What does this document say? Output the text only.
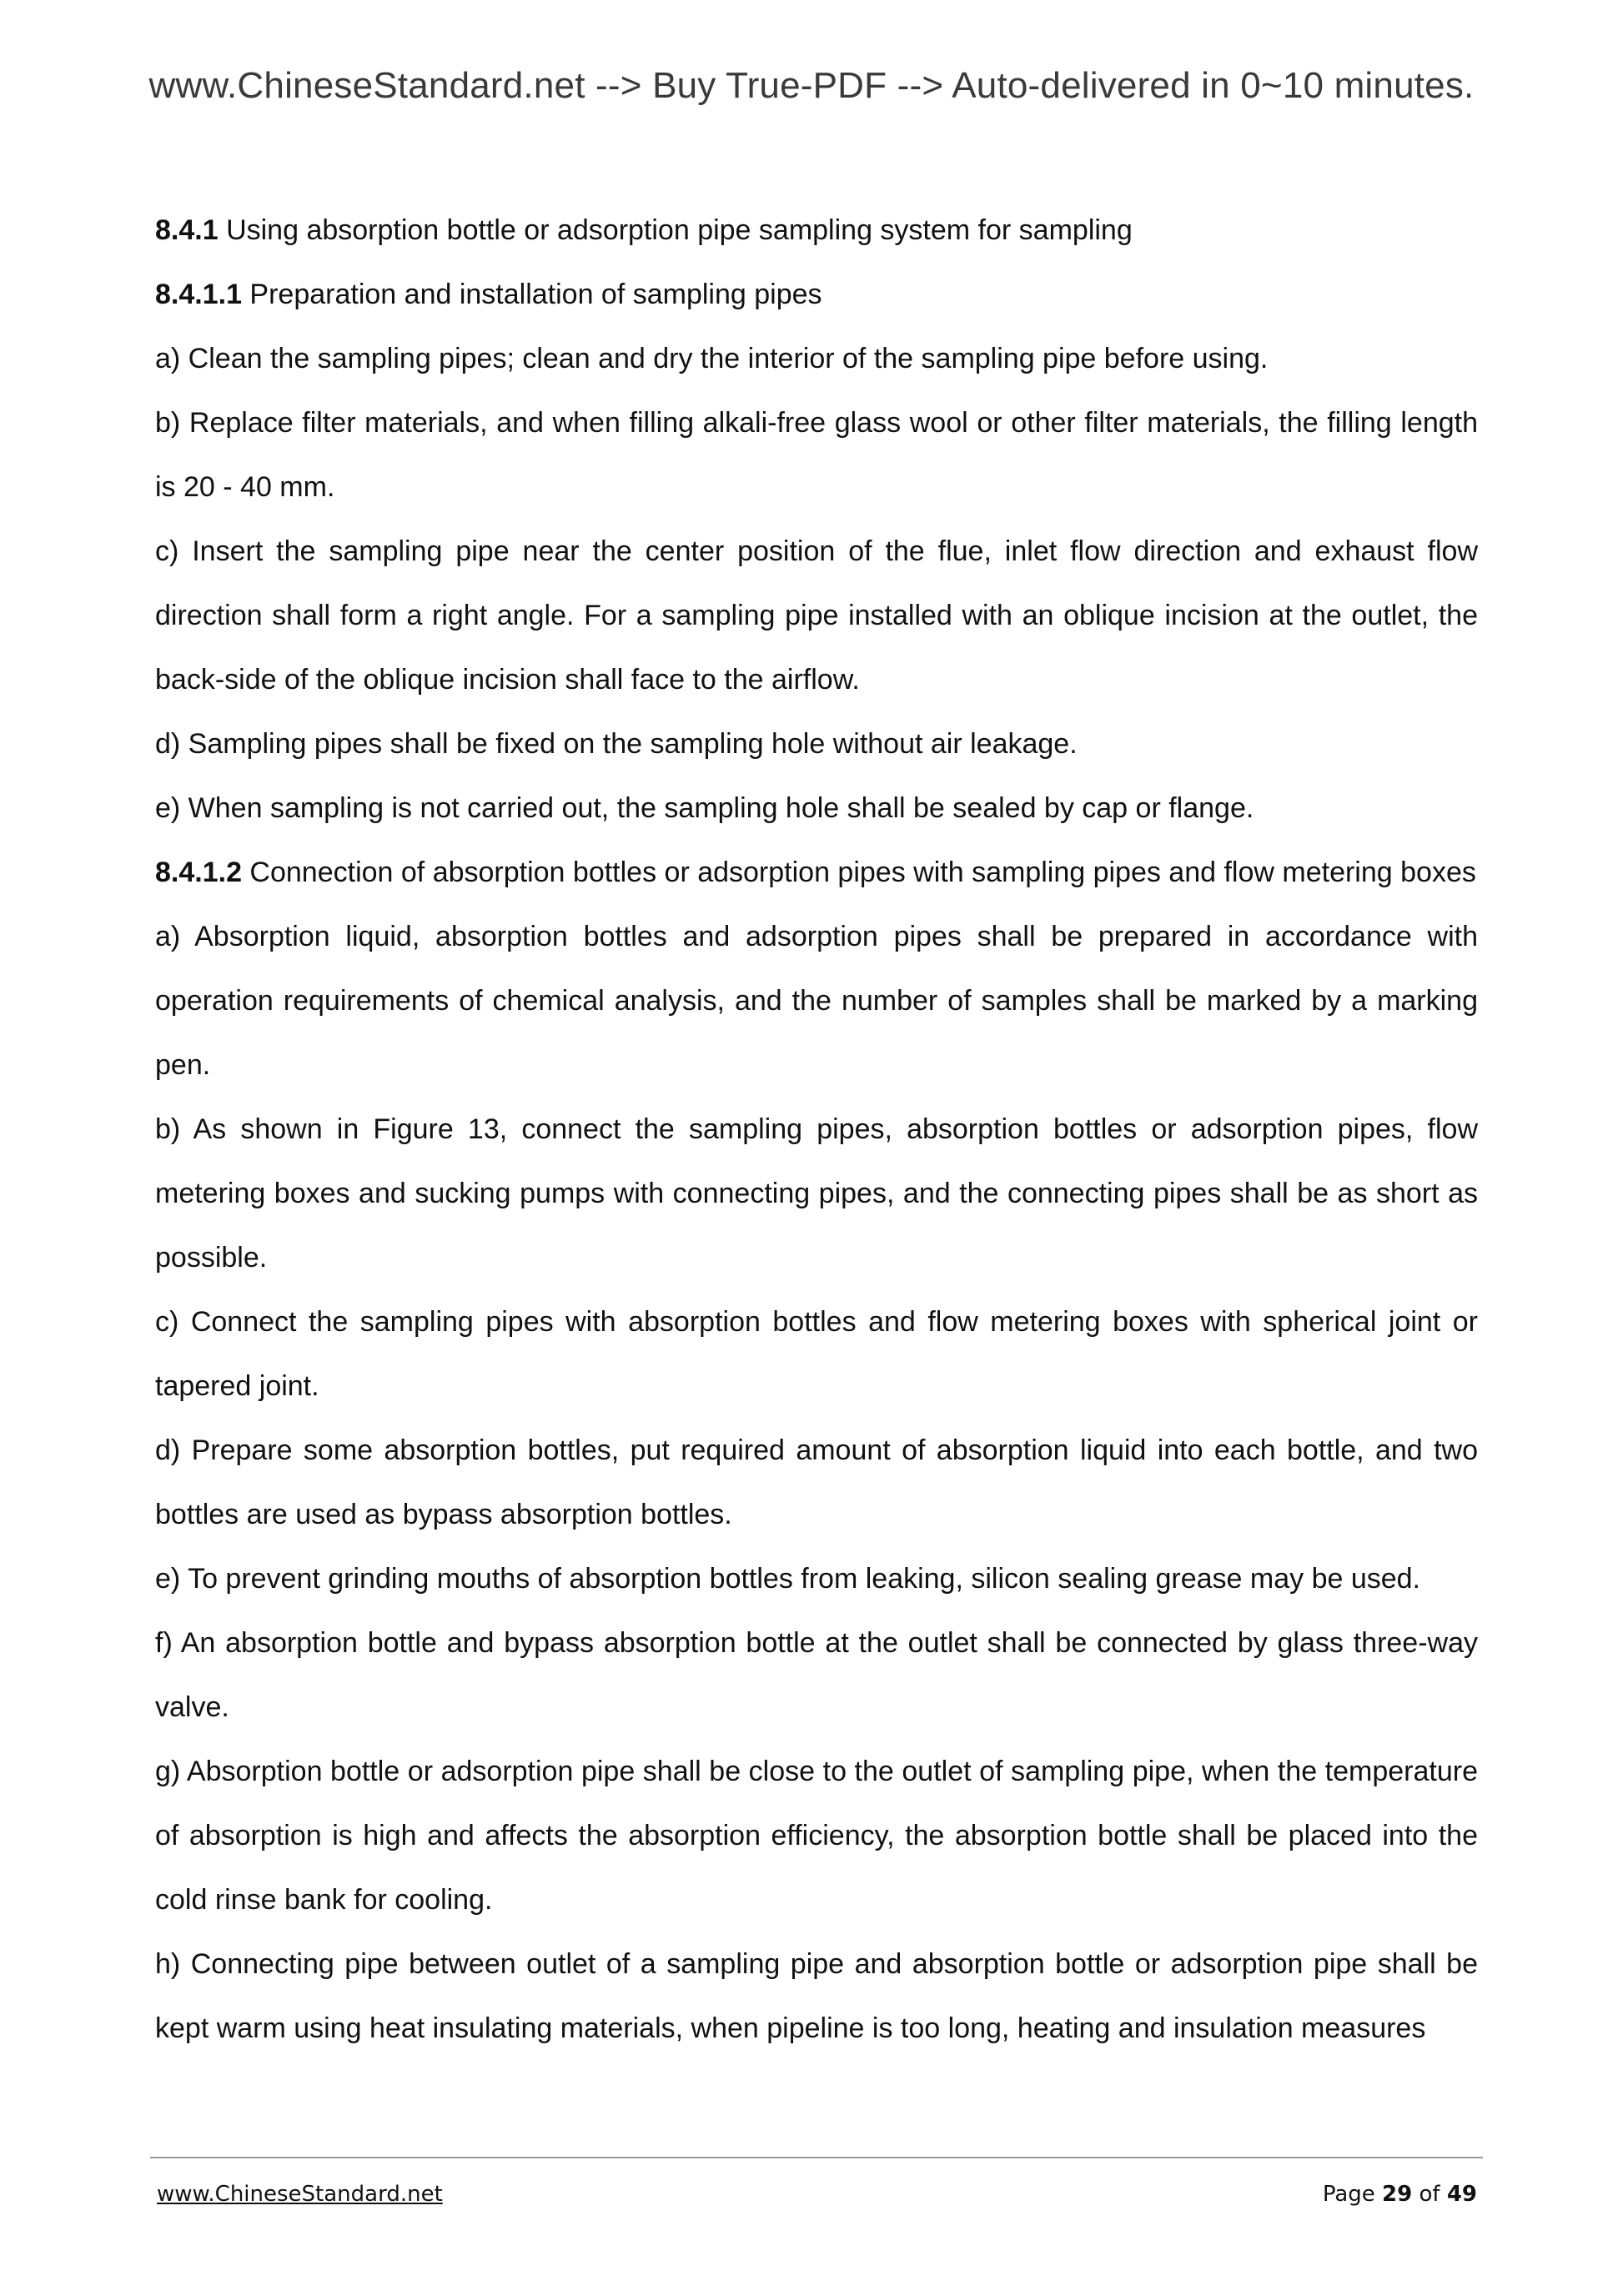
www.ChineseStandard.net --> Buy True-PDF --> Auto-delivered in 0~10 minutes.

8.4.1 Using absorption bottle or adsorption pipe sampling system for sampling

8.4.1.1 Preparation and installation of sampling pipes

a) Clean the sampling pipes; clean and dry the interior of the sampling pipe before using.

b) Replace filter materials, and when filling alkali-free glass wool or other filter materials, the filling length is 20 - 40 mm.

c) Insert the sampling pipe near the center position of the flue, inlet flow direction and exhaust flow direction shall form a right angle. For a sampling pipe installed with an oblique incision at the outlet, the back-side of the oblique incision shall face to the airflow.

d) Sampling pipes shall be fixed on the sampling hole without air leakage.

e) When sampling is not carried out, the sampling hole shall be sealed by cap or flange.

8.4.1.2 Connection of absorption bottles or adsorption pipes with sampling pipes and flow metering boxes

a) Absorption liquid, absorption bottles and adsorption pipes shall be prepared in accordance with operation requirements of chemical analysis, and the number of samples shall be marked by a marking pen.

b) As shown in Figure 13, connect the sampling pipes, absorption bottles or adsorption pipes, flow metering boxes and sucking pumps with connecting pipes, and the connecting pipes shall be as short as possible.

c) Connect the sampling pipes with absorption bottles and flow metering boxes with spherical joint or tapered joint.

d) Prepare some absorption bottles, put required amount of absorption liquid into each bottle, and two bottles are used as bypass absorption bottles.

e) To prevent grinding mouths of absorption bottles from leaking, silicon sealing grease may be used.

f) An absorption bottle and bypass absorption bottle at the outlet shall be connected by glass three-way valve.

g) Absorption bottle or adsorption pipe shall be close to the outlet of sampling pipe, when the temperature of absorption is high and affects the absorption efficiency, the absorption bottle shall be placed into the cold rinse bank for cooling.

h) Connecting pipe between outlet of a sampling pipe and absorption bottle or adsorption pipe shall be kept warm using heat insulating materials, when pipeline is too long, heating and insulation measures

www.ChineseStandard.net	Page 29 of 49
